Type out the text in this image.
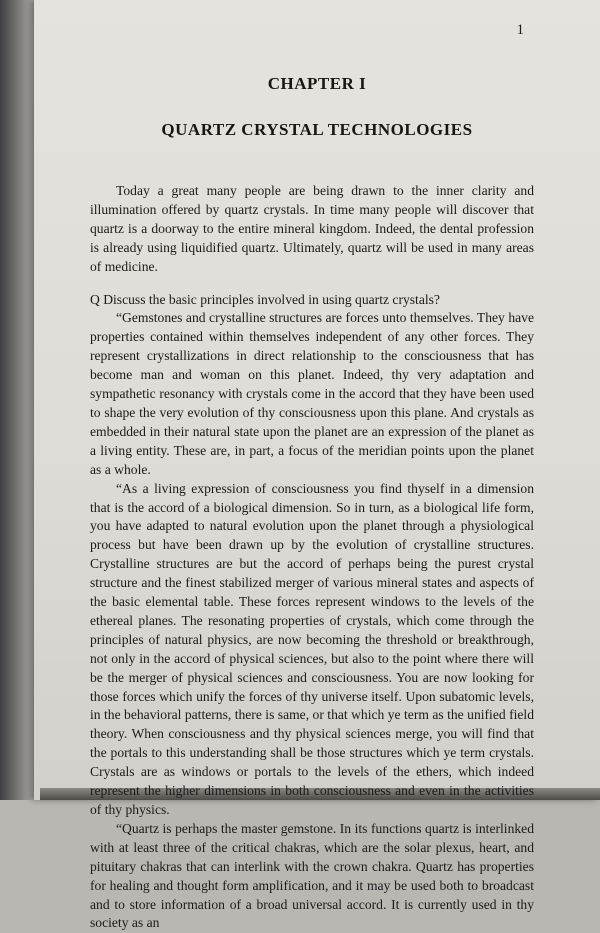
1
CHAPTER I
QUARTZ CRYSTAL TECHNOLOGIES

Today a great many people are being drawn to the inner clarity and illumination offered by quartz crystals. In time many people will discover that quartz is a doorway to the entire mineral kingdom. Indeed, the dental profession is already using liquidified quartz. Ultimately, quartz will be used in many areas of medicine.

Q Discuss the basic principles involved in using quartz crystals?

“Gemstones and crystalline structures are forces unto themselves. They have properties contained within themselves independent of any other forces. They represent crystallizations in direct relationship to the consciousness that has become man and woman on this planet. Indeed, thy very adaptation and sympathetic resonancy with crystals come in the accord that they have been used to shape the very evolution of thy consciousness upon this plane. And crystals as embedded in their natural state upon the planet are an expression of the planet as a living entity. These are, in part, a focus of the meridian points upon the planet as a whole.

“As a living expression of consciousness you find thyself in a dimension that is the accord of a biological dimension. So in turn, as a biological life form, you have adapted to natural evolution upon the planet through a physiological process but have been drawn up by the evolution of crystalline structures. Crystalline structures are but the accord of perhaps being the purest crystal structure and the finest stabilized merger of various mineral states and aspects of the basic elemental table. These forces represent windows to the levels of the ethereal planes. The resonating properties of crystals, which come through the principles of natural physics, are now becoming the threshold or breakthrough, not only in the accord of physical sciences, but also to the point where there will be the merger of physical sciences and consciousness. You are now looking for those forces which unify the forces of thy universe itself. Upon subatomic levels, in the behavioral patterns, there is same, or that which ye term as the unified field theory. When consciousness and thy physical sciences merge, you will find that the portals to this understanding shall be those structures which ye term crystals. Crystals are as windows or portals to the levels of the ethers, which indeed represent the higher dimensions in both consciousness and even in the activities of thy physics.

“Quartz is perhaps the master gemstone. In its functions quartz is interlinked with at least three of the critical chakras, which are the solar plexus, heart, and pituitary chakras that can interlink with the crown chakra. Quartz has properties for healing and thought form amplification, and it may be used both to broadcast and to store information of a broad universal accord. It is currently used in thy society as an
